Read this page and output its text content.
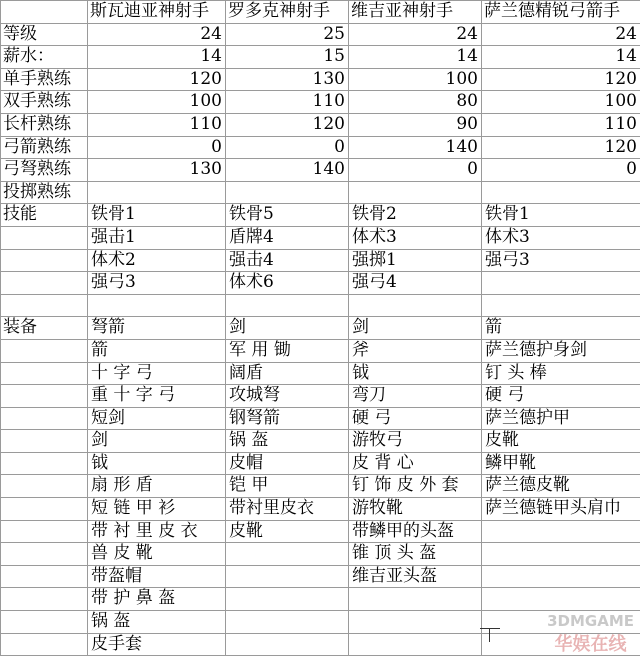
	斯瓦迪亚神射手	罗多克神射手	维吉亚神射手	萨兰德精锐弓箭手
等级	24	25	24	24
薪水：	14	15	14	14
单手熟练	120	130	100	120
双手熟练	100	110	80	100
长杆熟练	110	120	90	110
弓箭熟练	0	0	140	120
弓弩熟练	130	140	0	0
投掷熟练				
技能	铁骨1	铁骨5	铁骨2	铁骨1
	强击1	盾牌4	体术3	体术3
	体术2	强击4	强掷1	强弓3
	强弓3	体术6	强弓4	

装备	弩箭	剑	剑	箭
	箭	军 用 锄	斧	萨兰德护身剑
	十 字 弓	阔盾	钺	钉 头 棒
	重 十 字 弓	攻城弩	弯刀	硬 弓
	短剑	钢弩箭	硬 弓	萨兰德护甲
	剑	锅 盔	游牧弓	皮靴
	钺	皮帽	皮 背 心	鳞甲靴
	扇 形 盾	铠 甲	钉 饰 皮 外 套	萨兰德皮靴
	短 链 甲 衫	带衬里皮衣	游牧靴	萨兰德链甲头肩巾
	带 衬 里 皮 衣	皮靴	带鳞甲的头盔	
	兽 皮 靴		锥 顶 头 盔	
	带盔帽		维吉亚头盔	
	带 护 鼻 盔			
	锅 盔			
	皮手套			
3DMGAME
华娱在线
